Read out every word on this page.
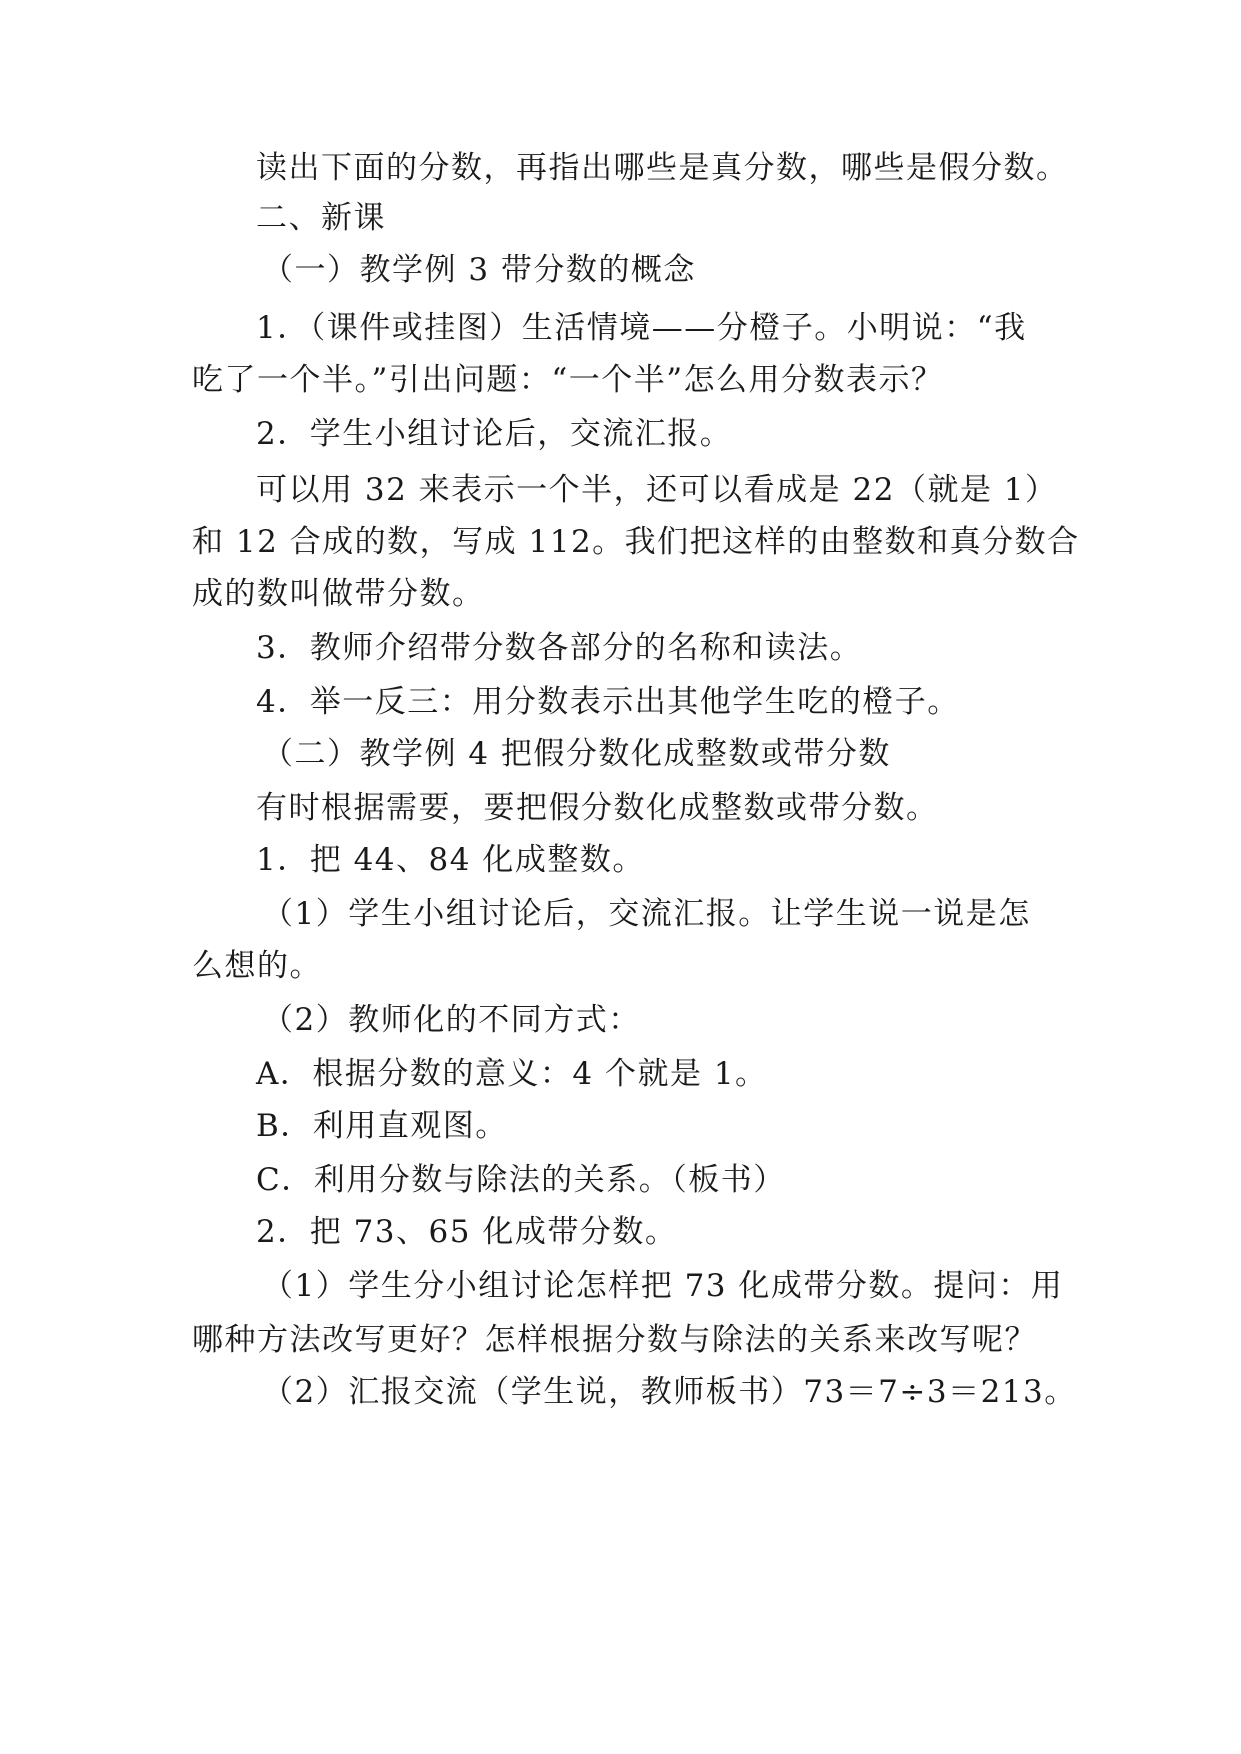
读出下面的分数，再指出哪些是真分数，哪些是假分数。
二、新课
（一）教学例 3 带分数的概念
1．（课件或挂图）生活情境——分橙子。小明说：“我
吃了一个半。”引出问题：“一个半”怎么用分数表示？
2．学生小组讨论后，交流汇报。
可以用 32 来表示一个半，还可以看成是 22（就是 1）
和 12 合成的数，写成 112。我们把这样的由整数和真分数合
成的数叫做带分数。
3．教师介绍带分数各部分的名称和读法。
4．举一反三：用分数表示出其他学生吃的橙子。
（二）教学例 4 把假分数化成整数或带分数
有时根据需要，要把假分数化成整数或带分数。
1．把 44、84 化成整数。
（1）学生小组讨论后，交流汇报。让学生说一说是怎
么想的。
（2）教师化的不同方式：
A．根据分数的意义：4 个就是 1。
B．利用直观图。
C．利用分数与除法的关系。（板书）
2．把 73、65 化成带分数。
（1）学生分小组讨论怎样把 73 化成带分数。提问：用
哪种方法改写更好？怎样根据分数与除法的关系来改写呢？
（2）汇报交流（学生说，教师板书）73＝7÷3＝213。
